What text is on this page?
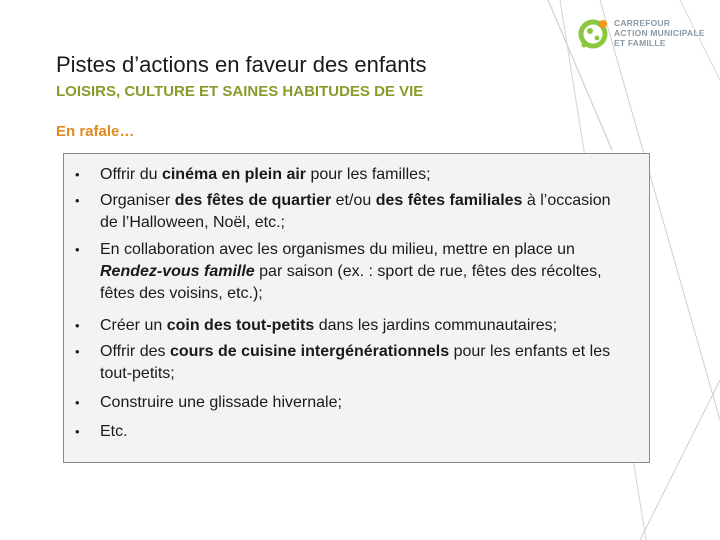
CARREFOUR
ACTION MUNICIPALE
ET FAMILLE
Pistes d’actions en faveur des enfants
LOISIRS, CULTURE ET SAINES HABITUDES DE VIE
En rafale…
• Offrir du cinéma en plein air pour les familles;
• Organiser des fêtes de quartier et/ou des fêtes familiales à l’occasion de l’Halloween, Noël, etc.;
• En collaboration avec les organismes du milieu, mettre en place un Rendez-vous famille par saison (ex. : sport de rue, fêtes des récoltes, fêtes des voisins, etc.);
• Créer un coin des tout-petits dans les jardins communautaires;
• Offrir des cours de cuisine intergénérationnels pour les enfants et les tout-petits;
• Construire une glissade hivernale;
• Etc.
